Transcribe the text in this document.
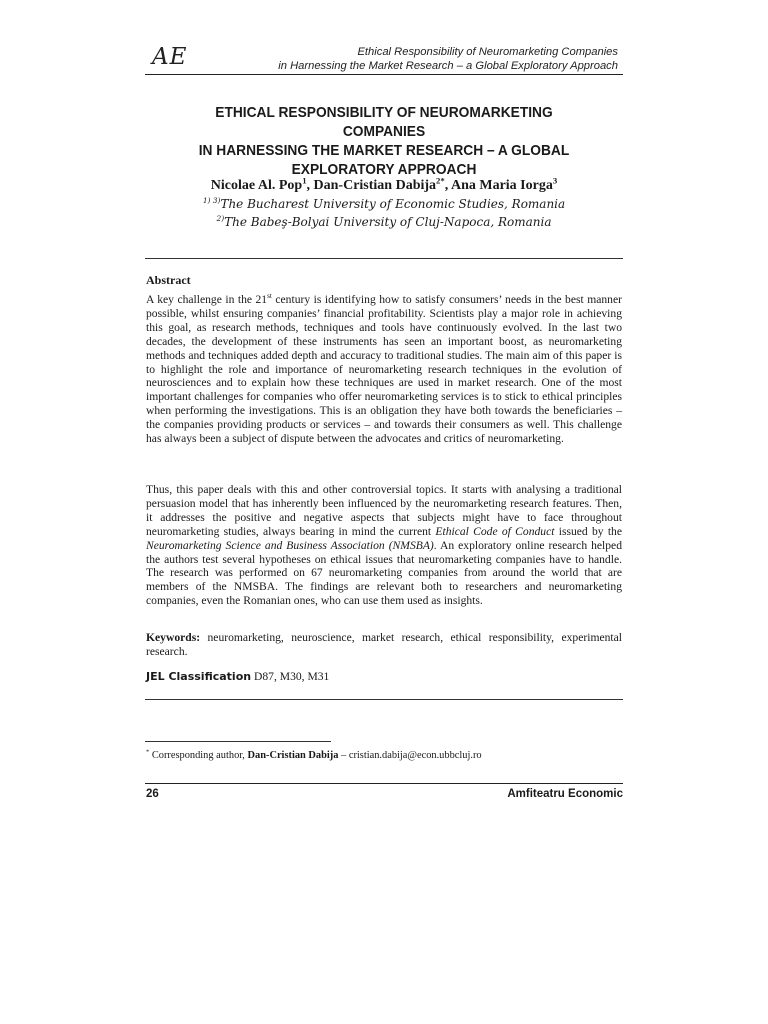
AE	Ethical Responsibility of Neuromarketing Companies
in Harnessing the Market Research – a Global Exploratory Approach
ETHICAL RESPONSIBILITY OF NEUROMARKETING COMPANIES
IN HARNESSING THE MARKET RESEARCH – A GLOBAL
EXPLORATORY APPROACH
Nicolae Al. Pop$^1$, Dan-Cristian Dabija$^{2*}$, Ana Maria Iorga$^3$
$^{1) 3)}$The Bucharest University of Economic Studies, Romania
$^{2)}$The Babeş-Bolyai University of Cluj-Napoca, Romania
Abstract
A key challenge in the 21st century is identifying how to satisfy consumers’ needs in the best manner possible, whilst ensuring companies’ financial profitability. Scientists play a major role in achieving this goal, as research methods, techniques and tools have continuously evolved. In the last two decades, the development of these instruments has seen an important boost, as neuromarketing methods and techniques added depth and accuracy to traditional studies. The main aim of this paper is to highlight the role and importance of neuromarketing research techniques in the evolution of neurosciences and to explain how these techniques are used in market research. One of the most important challenges for companies who offer neuromarketing services is to stick to ethical principles when performing the investigations. This is an obligation they have both towards the beneficiaries – the companies providing products or services – and towards their consumers as well. This challenge has always been a subject of dispute between the advocates and critics of neuromarketing.
Thus, this paper deals with this and other controversial topics. It starts with analysing a traditional persuasion model that has inherently been influenced by the neuromarketing research features. Then, it addresses the positive and negative aspects that subjects might have to face throughout neuromarketing studies, always bearing in mind the current Ethical Code of Conduct issued by the Neuromarketing Science and Business Association (NMSBA). An exploratory online research helped the authors test several hypotheses on ethical issues that neuromarketing companies have to handle. The research was performed on 67 neuromarketing companies from around the world that are members of the NMSBA. The findings are relevant both to researchers and neuromarketing companies, even the Romanian ones, who can use them used as insights.
Keywords: neuromarketing, neuroscience, market research, ethical responsibility, experimental research.
JEL Classification D87, M30, M31
* Corresponding author, Dan-Cristian Dabija – cristian.dabija@econ.ubbcluj.ro
26	Amfiteatru Economic
